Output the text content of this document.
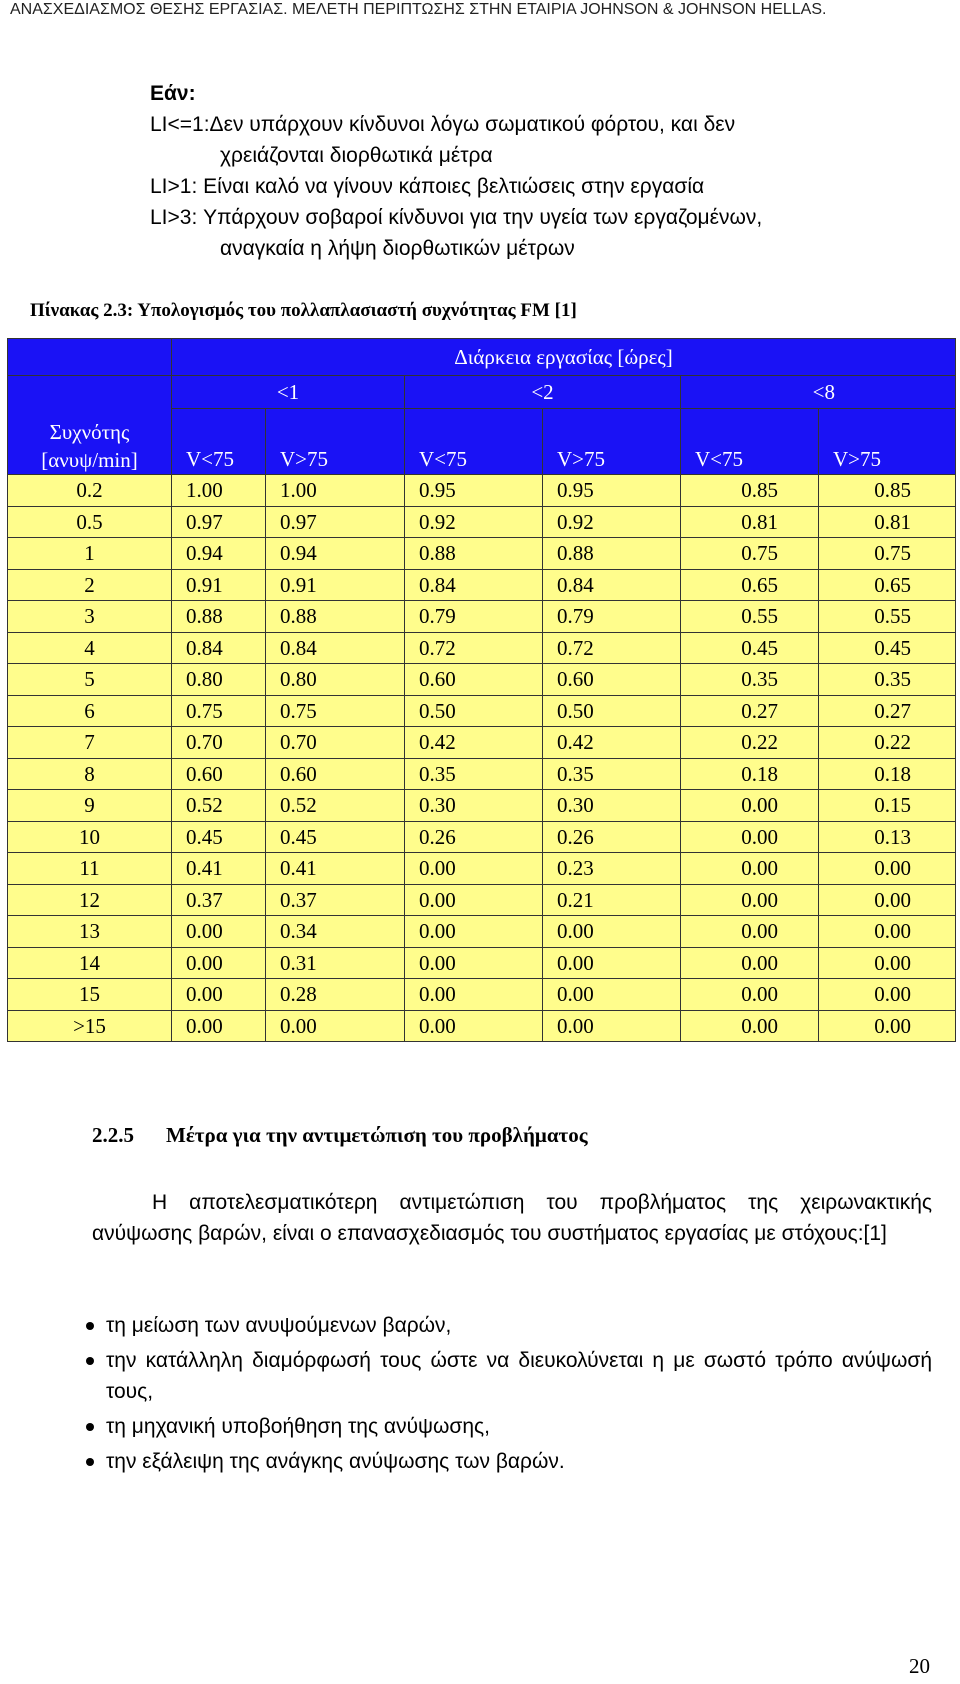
ΑΝΑΣΧΕΔΙΑΣΜΟΣ ΘΕΣΗΣ ΕΡΓΑΣΙΑΣ. ΜΕΛΕΤΗ ΠΕΡΙΠΤΩΣΗΣ ΣΤΗΝ ΕΤΑΙΡΙΑ JOHNSON & JOHNSON HELLAS.
Εάν:
LI<=1:Δεν υπάρχουν κίνδυνοι λόγω σωματικού φόρτου, και δεν
χρειάζονται διορθωτικά μέτρα
LI>1: Είναι καλό να γίνουν κάποιες βελτιώσεις στην εργασία
LI>3: Υπάρχουν σοβαροί κίνδυνοι για την υγεία των εργαζομένων,
αναγκαία η λήψη διορθωτικών μέτρων
Πίνακας 2.3: Υπολογισμός του πολλαπλασιαστή συχνότητας FM [1]
	Διάρκεια εργασίας [ώρες]					

Συχνότης
[ανυψ/min]	<1		<2		<8	
	V<75	V>75	V<75	V>75	V<75	V>75
0.2	1.00	1.00	0.95	0.95	0.85	0.85
0.5	0.97	0.97	0.92	0.92	0.81	0.81
1	0.94	0.94	0.88	0.88	0.75	0.75
2	0.91	0.91	0.84	0.84	0.65	0.65
3	0.88	0.88	0.79	0.79	0.55	0.55
4	0.84	0.84	0.72	0.72	0.45	0.45
5	0.80	0.80	0.60	0.60	0.35	0.35
6	0.75	0.75	0.50	0.50	0.27	0.27
7	0.70	0.70	0.42	0.42	0.22	0.22
8	0.60	0.60	0.35	0.35	0.18	0.18
9	0.52	0.52	0.30	0.30	0.00	0.15
10	0.45	0.45	0.26	0.26	0.00	0.13
11	0.41	0.41	0.00	0.23	0.00	0.00
12	0.37	0.37	0.00	0.21	0.00	0.00
13	0.00	0.34	0.00	0.00	0.00	0.00
14	0.00	0.31	0.00	0.00	0.00	0.00
15	0.00	0.28	0.00	0.00	0.00	0.00
>15	0.00	0.00	0.00	0.00	0.00	0.00
2.2.5 Μέτρα για την αντιμετώπιση του προβλήματος
Η αποτελεσματικότερη αντιμετώπιση του προβλήματος της χειρωνακτικής ανύψωσης βαρών, είναι ο επανασχεδιασμός του συστήματος εργασίας με στόχους:[1]
τη μείωση των ανυψούμενων βαρών,
την κατάλληλη διαμόρφωσή τους ώστε να διευκολύνεται η με σωστό τρόπο ανύψωσή τους,
τη μηχανική υποβοήθηση της ανύψωσης,
την εξάλειψη της ανάγκης ανύψωσης των βαρών.
20
